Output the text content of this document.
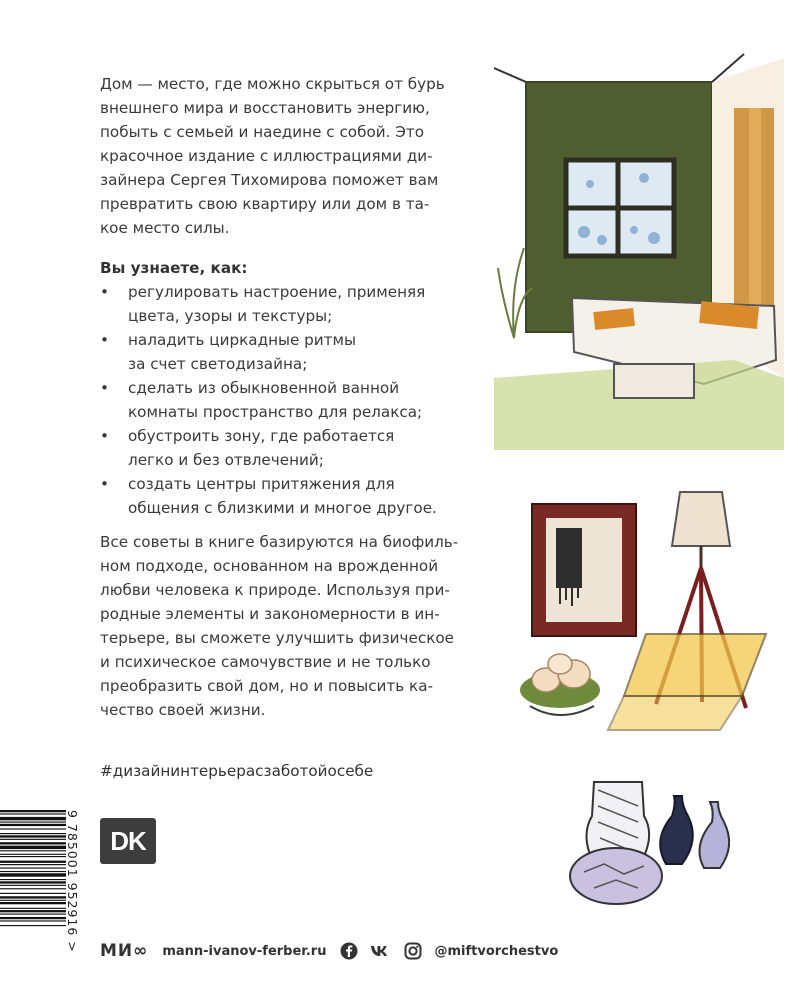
Дом — место, где можно скрыться от бурь
внешнего мира и восстановить энергию,
побыть с семьей и наедине с собой. Это
красочное издание с иллюстрациями ди-
зайнера Сергея Тихомирова поможет вам
превратить свою квартиру или дом в та-
кое место силы.

Вы узнаете, как:
• регулировать настроение, применяя
цвета, узоры и текстуры;
• наладить циркадные ритмы
за счет светодизайна;
• сделать из обыкновенной ванной
комнаты пространство для релакса;
• обустроить зону, где работается
легко и без отвлечений;
• создать центры притяжения для
общения с близкими и многое другое.

Все советы в книге базируются на биофиль-
ном подходе, основанном на врожденной
любви человека к природе. Используя при-
родные элементы и закономерности в ин-
терьере, вы сможете улучшить физическое
и психическое самочувствие и не только
преобразить свой дом, но и повысить ка-
чество своей жизни.

#дизайнинтерьерасзаботойосебе
DK
9 785001 952916 > МИ∞ mann-ivanov-ferber.ru	@miftvorchestvo
